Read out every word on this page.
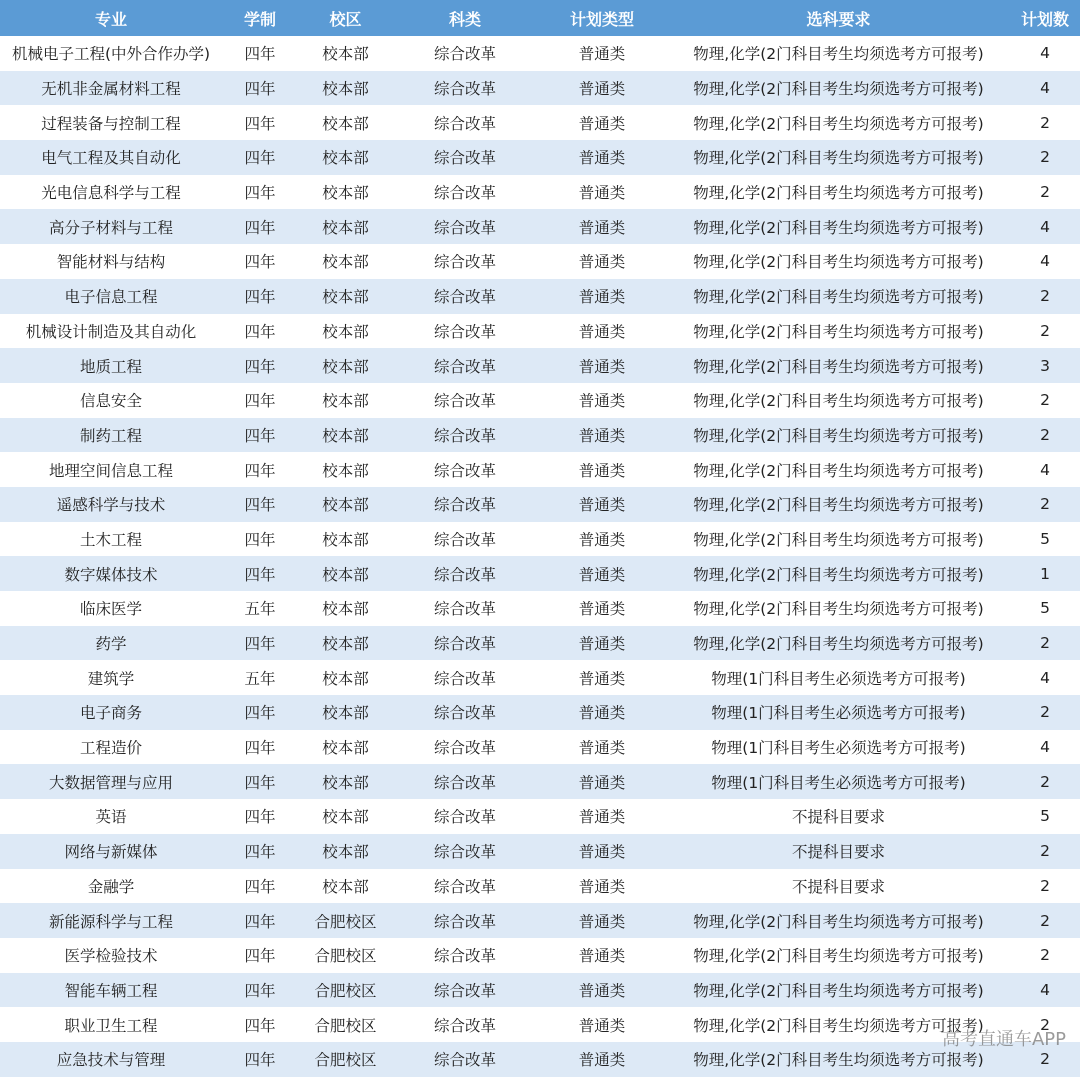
专业	学制	校区	科类	计划类型	选科要求	计划数
机械电子工程(中外合作办学)	四年	校本部	综合改革	普通类	物理,化学(2门科目考生均须选考方可报考)	4
无机非金属材料工程	四年	校本部	综合改革	普通类	物理,化学(2门科目考生均须选考方可报考)	4
过程装备与控制工程	四年	校本部	综合改革	普通类	物理,化学(2门科目考生均须选考方可报考)	2
电气工程及其自动化	四年	校本部	综合改革	普通类	物理,化学(2门科目考生均须选考方可报考)	2
光电信息科学与工程	四年	校本部	综合改革	普通类	物理,化学(2门科目考生均须选考方可报考)	2
高分子材料与工程	四年	校本部	综合改革	普通类	物理,化学(2门科目考生均须选考方可报考)	4
智能材料与结构	四年	校本部	综合改革	普通类	物理,化学(2门科目考生均须选考方可报考)	4
电子信息工程	四年	校本部	综合改革	普通类	物理,化学(2门科目考生均须选考方可报考)	2
机械设计制造及其自动化	四年	校本部	综合改革	普通类	物理,化学(2门科目考生均须选考方可报考)	2
地质工程	四年	校本部	综合改革	普通类	物理,化学(2门科目考生均须选考方可报考)	3
信息安全	四年	校本部	综合改革	普通类	物理,化学(2门科目考生均须选考方可报考)	2
制药工程	四年	校本部	综合改革	普通类	物理,化学(2门科目考生均须选考方可报考)	2
地理空间信息工程	四年	校本部	综合改革	普通类	物理,化学(2门科目考生均须选考方可报考)	4
遥感科学与技术	四年	校本部	综合改革	普通类	物理,化学(2门科目考生均须选考方可报考)	2
土木工程	四年	校本部	综合改革	普通类	物理,化学(2门科目考生均须选考方可报考)	5
数字媒体技术	四年	校本部	综合改革	普通类	物理,化学(2门科目考生均须选考方可报考)	1
临床医学	五年	校本部	综合改革	普通类	物理,化学(2门科目考生均须选考方可报考)	5
药学	四年	校本部	综合改革	普通类	物理,化学(2门科目考生均须选考方可报考)	2
建筑学	五年	校本部	综合改革	普通类	物理(1门科目考生必须选考方可报考)	4
电子商务	四年	校本部	综合改革	普通类	物理(1门科目考生必须选考方可报考)	2
工程造价	四年	校本部	综合改革	普通类	物理(1门科目考生必须选考方可报考)	4
大数据管理与应用	四年	校本部	综合改革	普通类	物理(1门科目考生必须选考方可报考)	2
英语	四年	校本部	综合改革	普通类	不提科目要求	5
网络与新媒体	四年	校本部	综合改革	普通类	不提科目要求	2
金融学	四年	校本部	综合改革	普通类	不提科目要求	2
新能源科学与工程	四年	合肥校区	综合改革	普通类	物理,化学(2门科目考生均须选考方可报考)	2
医学检验技术	四年	合肥校区	综合改革	普通类	物理,化学(2门科目考生均须选考方可报考)	2
智能车辆工程	四年	合肥校区	综合改革	普通类	物理,化学(2门科目考生均须选考方可报考)	4
职业卫生工程	四年	合肥校区	综合改革	普通类	物理,化学(2门科目考生均须选考方可报考)	2
应急技术与管理	四年	合肥校区	综合改革	普通类	物理,化学(2门科目考生均须选考方可报考)	2
高考直通车APP
